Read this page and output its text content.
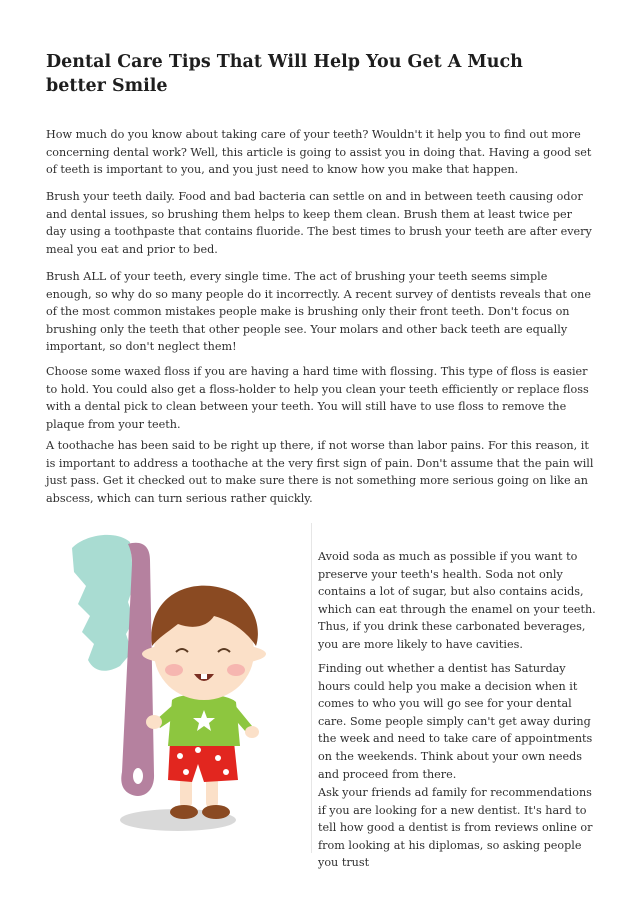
Dental Care Tips That Will Help You Get A Much better Smile

How much do you know about taking care of your teeth? Wouldn't it help you to find out more concerning dental work? Well, this article is going to assist you in doing that. Having a good set of teeth is important to you, and you just need to know how you make that happen.

Brush your teeth daily. Food and bad bacteria can settle on and in between teeth causing odor and dental issues, so brushing them helps to keep them clean. Brush them at least twice per day using a toothpaste that contains fluoride. The best times to brush your teeth are after every meal you eat and prior to bed.

Brush ALL of your teeth, every single time. The act of brushing your teeth seems simple enough, so why do so many people do it incorrectly. A recent survey of dentists reveals that one of the most common mistakes people make is brushing only their front teeth. Don't focus on brushing only the teeth that other people see. Your molars and other back teeth are equally important, so don't neglect them!

Choose some waxed floss if you are having a hard time with flossing. This type of floss is easier to hold. You could also get a floss-holder to help you clean your teeth efficiently or replace floss with a dental pick to clean between your teeth. You will still have to use floss to remove the plaque from your teeth.

A toothache has been said to be right up there, if not worse than labor pains. For this reason, it is important to address a toothache at the very first sign of pain. Don't assume that the pain will just pass. Get it checked out to make sure there is not something more serious going on like an abscess, which can turn serious rather quickly.

Avoid soda as much as possible if you want to preserve your teeth's health. Soda not only contains a lot of sugar, but also contains acids, which can eat through the enamel on your teeth. Thus, if you drink these carbonated beverages, you are more likely to have cavities.

Finding out whether a dentist has Saturday hours could help you make a decision when it comes to who you will go see for your dental care. Some people simply can't get away during the week and need to take care of appointments on the weekends. Think about your own needs and proceed from there.

Ask your friends ad family for recommendations if you are looking for a new dentist. It's hard to tell how good a dentist is from reviews online or from looking at his diplomas, so asking people you trust
